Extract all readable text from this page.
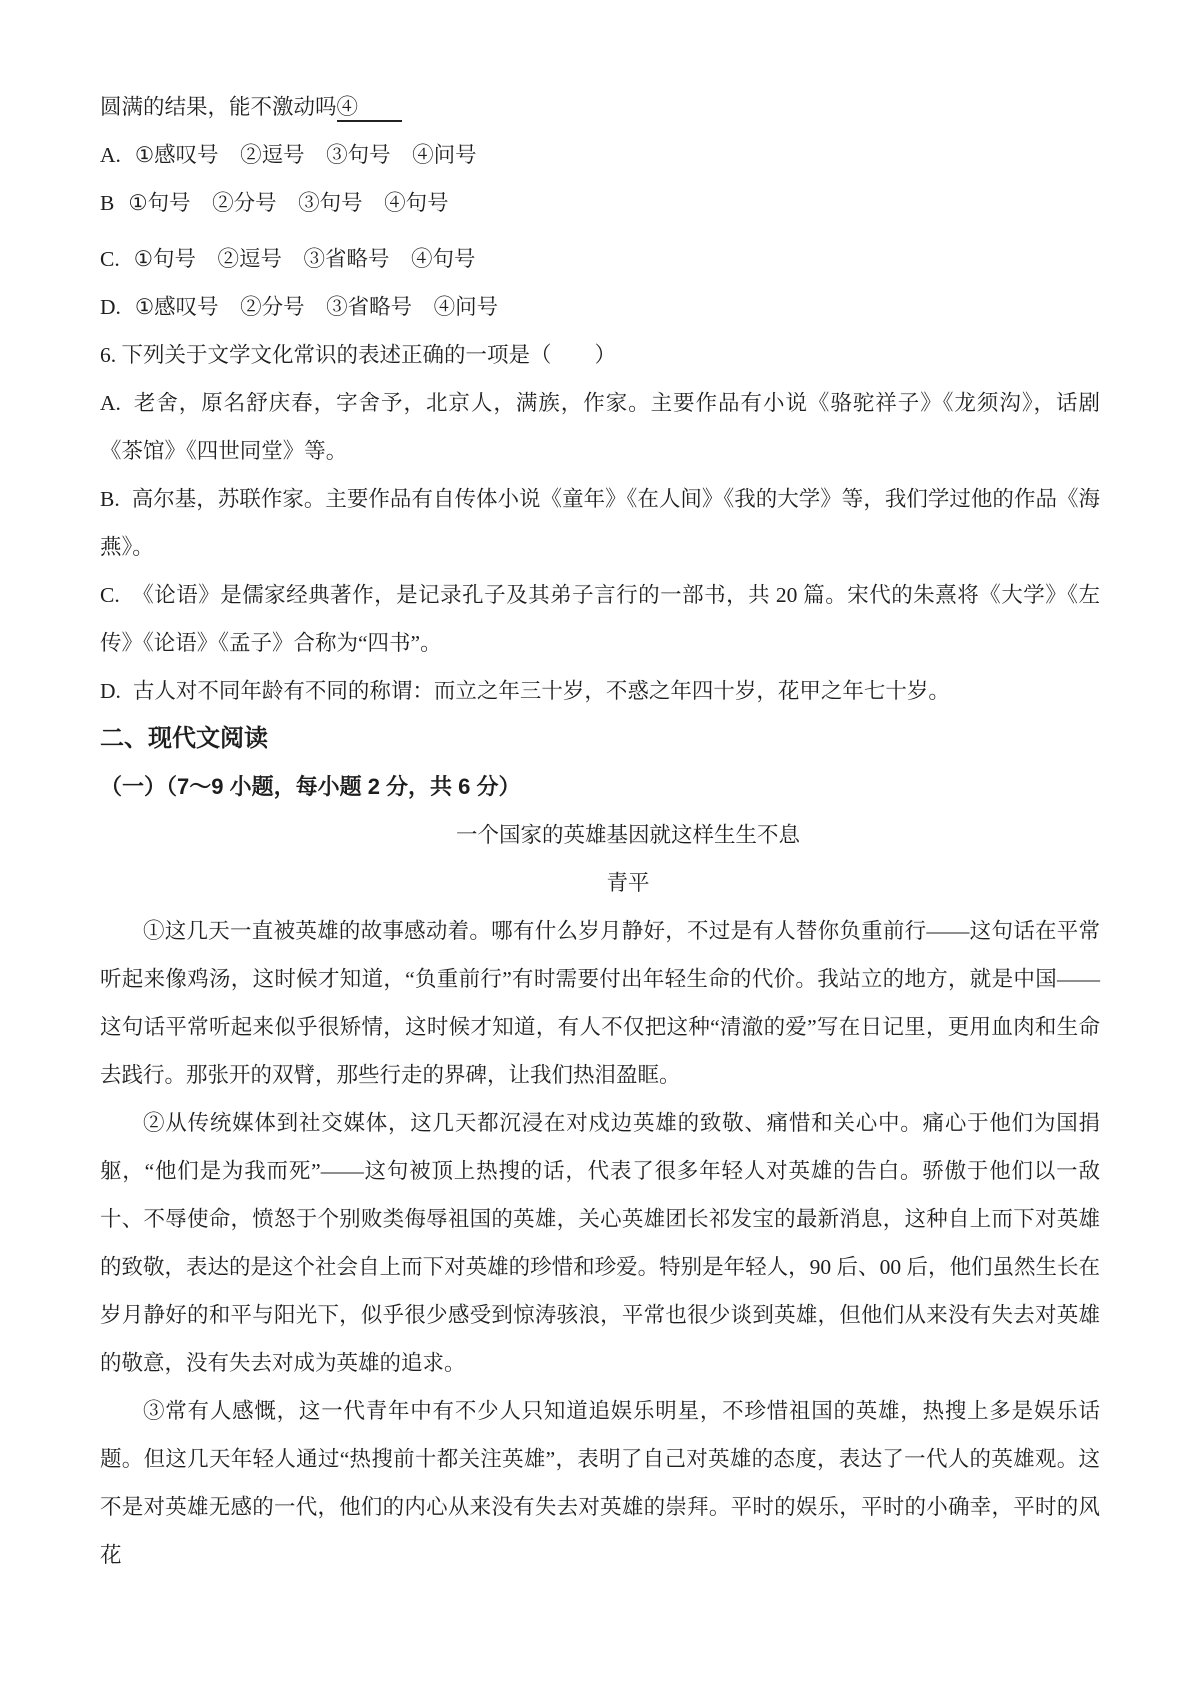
圆满的结果，能不激动吗④

A. ①感叹号　②逗号　③句号　④问号

B ①句号　②分号　③句号　④句号

C. ①句号　②逗号　③省略号　④句号

D. ①感叹号　②分号　③省略号　④问号

6. 下列关于文学文化常识的表述正确的一项是（　　）

A. 老舍，原名舒庆春，字舍予，北京人，满族，作家。主要作品有小说《骆驼祥子》《龙须沟》，话剧《茶馆》《四世同堂》等。

B. 高尔基，苏联作家。主要作品有自传体小说《童年》《在人间》《我的大学》等，我们学过他的作品《海燕》。

C. 《论语》是儒家经典著作，是记录孔子及其弟子言行的一部书，共 20 篇。宋代的朱熹将《大学》《左传》《论语》《孟子》合称为“四书”。

D. 古人对不同年龄有不同的称谓：而立之年三十岁，不惑之年四十岁，花甲之年七十岁。

二、现代文阅读

（一）（7～9 小题，每小题 2 分，共 6 分）

一个国家的英雄基因就这样生生不息

青平

①这几天一直被英雄的故事感动着。哪有什么岁月静好，不过是有人替你负重前行——这句话在平常听起来像鸡汤，这时候才知道，“负重前行”有时需要付出年轻生命的代价。我站立的地方，就是中国——这句话平常听起来似乎很矫情，这时候才知道，有人不仅把这种“清澈的爱”写在日记里，更用血肉和生命去践行。那张开的双臂，那些行走的界碑，让我们热泪盈眶。

②从传统媒体到社交媒体，这几天都沉浸在对戍边英雄的致敬、痛惜和关心中。痛心于他们为国捐躯，“他们是为我而死”——这句被顶上热搜的话，代表了很多年轻人对英雄的告白。骄傲于他们以一敌十、不辱使命，愤怒于个别败类侮辱祖国的英雄，关心英雄团长祁发宝的最新消息，这种自上而下对英雄的致敬，表达的是这个社会自上而下对英雄的珍惜和珍爱。特别是年轻人，90 后、00 后，他们虽然生长在岁月静好的和平与阳光下，似乎很少感受到惊涛骇浪，平常也很少谈到英雄，但他们从来没有失去对英雄的敬意，没有失去对成为英雄的追求。

③常有人感慨，这一代青年中有不少人只知道追娱乐明星，不珍惜祖国的英雄，热搜上多是娱乐话题。但这几天年轻人通过“热搜前十都关注英雄”，表明了自己对英雄的态度，表达了一代人的英雄观。这不是对英雄无感的一代，他们的内心从来没有失去对英雄的崇拜。平时的娱乐，平时的小确幸，平时的风花
